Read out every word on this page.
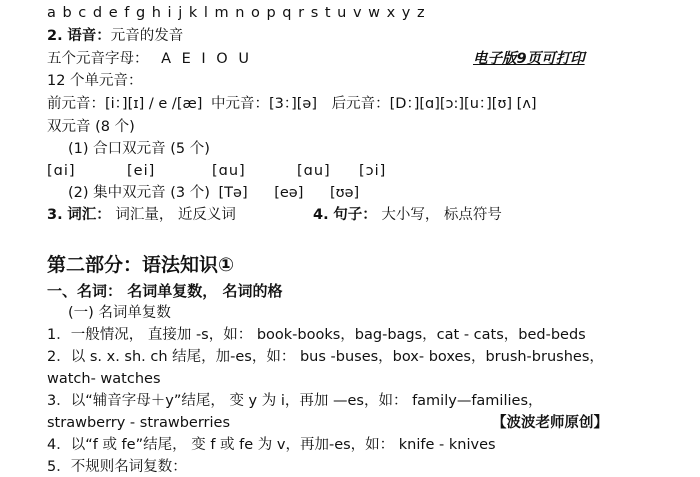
a b c d e f g h i j k l m n o p q r s t u v w x y z
2. 语音：元音的发音
五个元音字母： A E I O U	电子版9页可打印
12 个单元音：
前元音：[i：][ɪ] / e /[æ] 中元音：[3：][ə] 后元音：[D：][ɑ][ɔ:][u：][ʊ] [ʌ]
双元音 (8 个)
(1) 合口双元音 (5 个)
[ɑi]	[ei]	[ɑu]	[ɑu] [ɔi]
(2) 集中双元音 (3 个) [Tə] [eə] [ʊə]
3. 词汇： 词汇量， 近反义词	4. 句子： 大小写， 标点符号
第二部分：语法知识①
一、名词： 名词单复数， 名词的格
(一) 名词单复数
1．一般情况， 直接加 -s，如： book-books，bag-bags，cat - cats，bed-beds
2．以 s. x. sh. ch 结尾，加-es，如： bus -buses，box- boxes，brush-brushes，
watch- watches
3．以“辅音字母＋y”结尾， 变 y 为 i，再加 —es，如： family—families，
strawberry - strawberries	【波波老师原创】
4．以“f 或 fe”结尾， 变 f 或 fe 为 v，再加-es，如： knife - knives
5．不规则名词复数：
